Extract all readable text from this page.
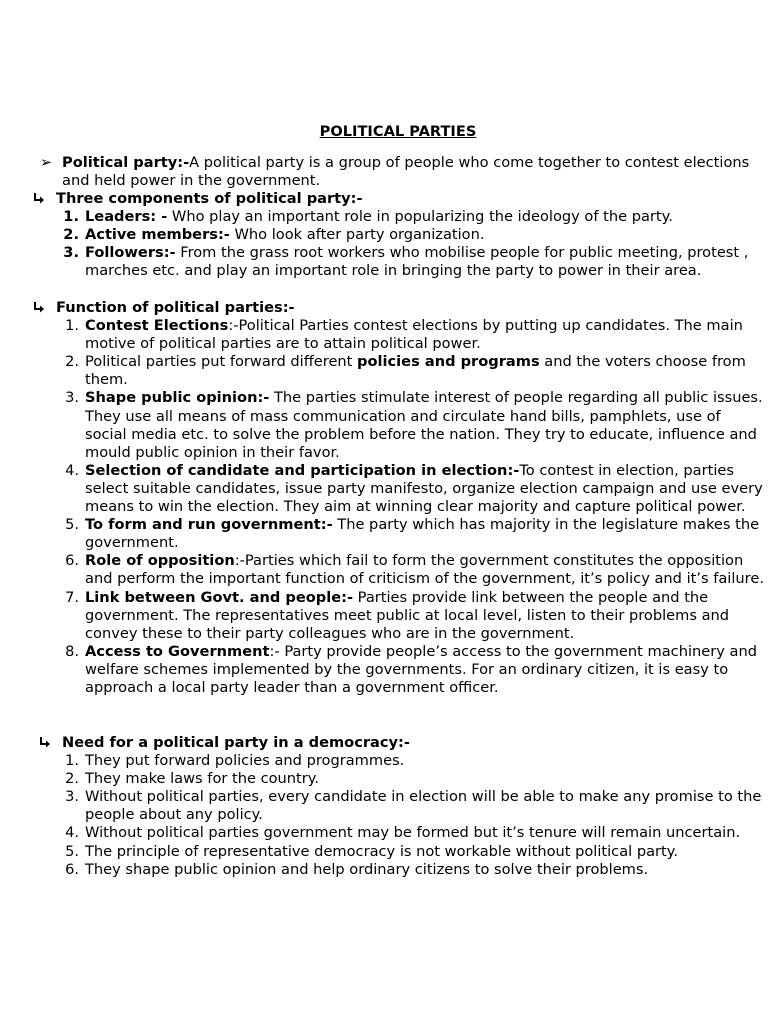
POLITICAL PARTIES
➢ Political party:-A political party is a group of people who come together to contest elections and held power in the government.
Three components of political party:-
1. Leaders: - Who play an important role in popularizing the ideology of the party.
2. Active members:- Who look after party organization.
3. Followers:- From the grass root workers who mobilise people for public meeting, protest , marches etc. and play an important role in bringing the party to power in their area.
Function of political parties:-
1. Contest Elections:-Political Parties contest elections by putting up candidates. The main motive of political parties are to attain political power.
2. Political parties put forward different policies and programs and the voters choose from them.
3. Shape public opinion:- The parties stimulate interest of people regarding all public issues. They use all means of mass communication and circulate hand bills, pamphlets, use of social media etc. to solve the problem before the nation. They try to educate, influence and mould public opinion in their favor.
4. Selection of candidate and participation in election:-To contest in election, parties select suitable candidates, issue party manifesto, organize election campaign and use every means to win the election. They aim at winning clear majority and capture political power.
5. To form and run government:- The party which has majority in the legislature makes the government.
6. Role of opposition:-Parties which fail to form the government constitutes the opposition and perform the important function of criticism of the government, it’s policy and it’s failure.
7. Link between Govt. and people:- Parties provide link between the people and the government. The representatives meet public at local level, listen to their problems and convey these to their party colleagues who are in the government.
8. Access to Government:- Party provide people’s access to the government machinery and welfare schemes implemented by the governments. For an ordinary citizen, it is easy to approach a local party leader than a government officer.
Need for a political party in a democracy:-
1. They put forward policies and programmes.
2. They make laws for the country.
3. Without political parties, every candidate in election will be able to make any promise to the people about any policy.
4. Without political parties government may be formed but it’s tenure will remain uncertain.
5. The principle of representative democracy is not workable without political party.
6. They shape public opinion and help ordinary citizens to solve their problems.
